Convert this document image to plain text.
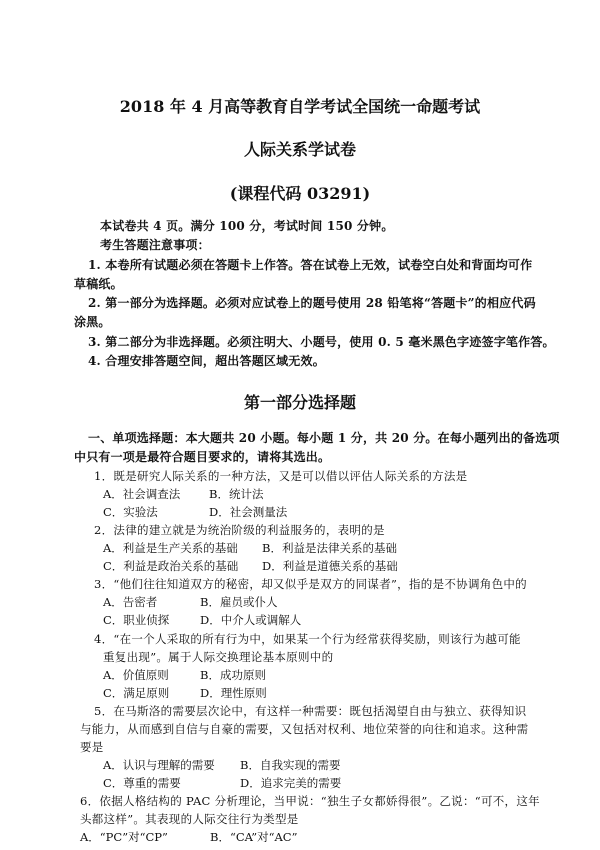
2018 年 4 月高等教育自学考试全国统一命题考试
人际关系学试卷
(课程代码 03291)
本试卷共 4 页。满分 100 分，考试时间 150 分钟。
考生答题注意事项：
1. 本卷所有试题必须在答题卡上作答。答在试卷上无效，试卷空白处和背面均可作
草稿纸。
2. 第一部分为选择题。必须对应试卷上的题号使用 28 铅笔将“答题卡”的相应代码
涂黑。
3. 第二部分为非选择题。必须注明大、小题号，使用 0. 5 毫米黑色字迹签字笔作答。
4. 合理安排答题空间，超出答题区域无效。
第一部分选择题
一、单项选择题：本大题共 20 小题。每小题 1 分，共 20 分。在每小题列出的备选项
中只有一项是最符合题目要求的，请将其选出。
1．既是研究人际关系的一种方法，又是可以借以评估人际关系的方法是
A．社会调查法 B．统计法
C．实验法	D．社会测量法
2．法律的建立就是为统治阶级的利益服务的，表明的是
A．利益是生产关系的基础 B．利益是法律关系的基础
C．利益是政治关系的基础 D．利益是道德关系的基础
3．“他们往往知道双方的秘密，却又似乎是双方的同谋者”，指的是不协调角色中的
A．告密者	B．雇员或仆人
C．职业侦探	D．中介人或调解人
4．“在一个人采取的所有行为中，如果某一个行为经常获得奖励，则该行为越可能
重复出现”。属于人际交换理论基本原则中的
A．价值原则	B．成功原则
C．满足原则	D．理性原则
5．在马斯洛的需要层次论中，有这样一种需要：既包括渴望自由与独立、获得知识
与能力，从而感到自信与自豪的需要，又包括对权利、地位荣誉的向往和追求。这种需
要是
A．认识与理解的需要 B．自我实现的需要
C．尊重的需要	D．追求完美的需要
6．依据人格结构的 PAC 分析理论，当甲说：“独生子女都娇得很”。乙说：“可不，这年
头都这样”。其表现的人际交往行为类型是
A．“PC”对“CP”	B．“CA”对“AC”
